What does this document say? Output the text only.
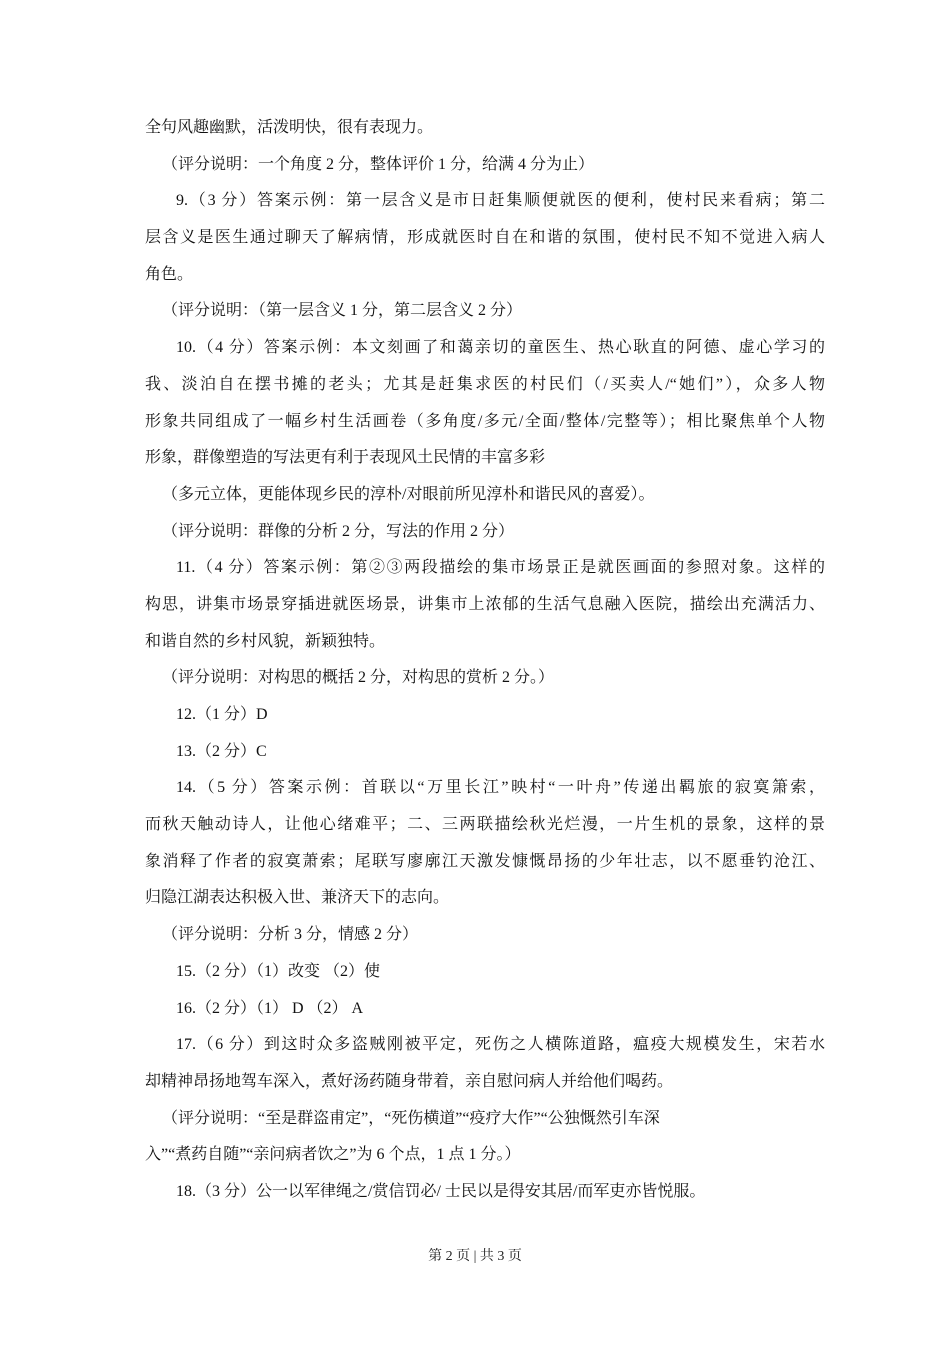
全句风趣幽默，活泼明快，很有表现力。
（评分说明：一个角度 2 分，整体评价 1 分，给满 4 分为止）
9.（3 分）答案示例：第一层含义是市日赶集顺便就医的便利，使村民来看病；第二
层含义是医生通过聊天了解病情，形成就医时自在和谐的氛围，使村民不知不觉进入病人
角色。
（评分说明：（第一层含义 1 分，第二层含义 2 分）
10.（4 分）答案示例：本文刻画了和蔼亲切的童医生、热心耿直的阿德、虚心学习的
我、淡泊自在摆书摊的老头；尤其是赶集求医的村民们（/买卖人/“她们”），众多人物
形象共同组成了一幅乡村生活画卷（多角度/多元/全面/整体/完整等）；相比聚焦单个人物
形象，群像塑造的写法更有利于表现风土民情的丰富多彩
（多元立体，更能体现乡民的淳朴/对眼前所见淳朴和谐民风的喜爱）。
（评分说明：群像的分析 2 分，写法的作用 2 分）
11.（4 分）答案示例：第②③两段描绘的集市场景正是就医画面的参照对象。这样的
构思，讲集市场景穿插进就医场景，讲集市上浓郁的生活气息融入医院，描绘出充满活力、
和谐自然的乡村风貌，新颖独特。
（评分说明：对构思的概括 2 分，对构思的赏析 2 分。）
12.（1 分）D
13.（2 分）C
14.（5 分）答案示例：首联以“万里长江”映村“一叶舟”传递出羁旅的寂寞箫索，
而秋天触动诗人，让他心绪难平；二、三两联描绘秋光烂漫，一片生机的景象，这样的景
象消释了作者的寂寞萧索；尾联写廖廓江天激发慷慨昂扬的少年壮志，以不愿垂钓沧江、
归隐江湖表达积极入世、兼济天下的志向。
（评分说明：分析 3 分，情感 2 分）
15.（2 分）（1）改变 （2）使
16.（2 分）（1） D （2） A
17.（6 分）到这时众多盗贼刚被平定，死伤之人横陈道路，瘟疫大规模发生，宋若水
却精神昂扬地驾车深入，煮好汤药随身带着，亲自慰问病人并给他们喝药。
（评分说明：“至是群盗甫定”，“死伤横道”“疫疗大作”“公独慨然引车深
入”“煮药自随”“亲问病者饮之”为 6 个点，1 点 1 分。）
18.（3 分）公一以军律绳之/赏信罚必/ 士民以是得安其居/而军吏亦皆悦服。
第 2 页 | 共 3 页
